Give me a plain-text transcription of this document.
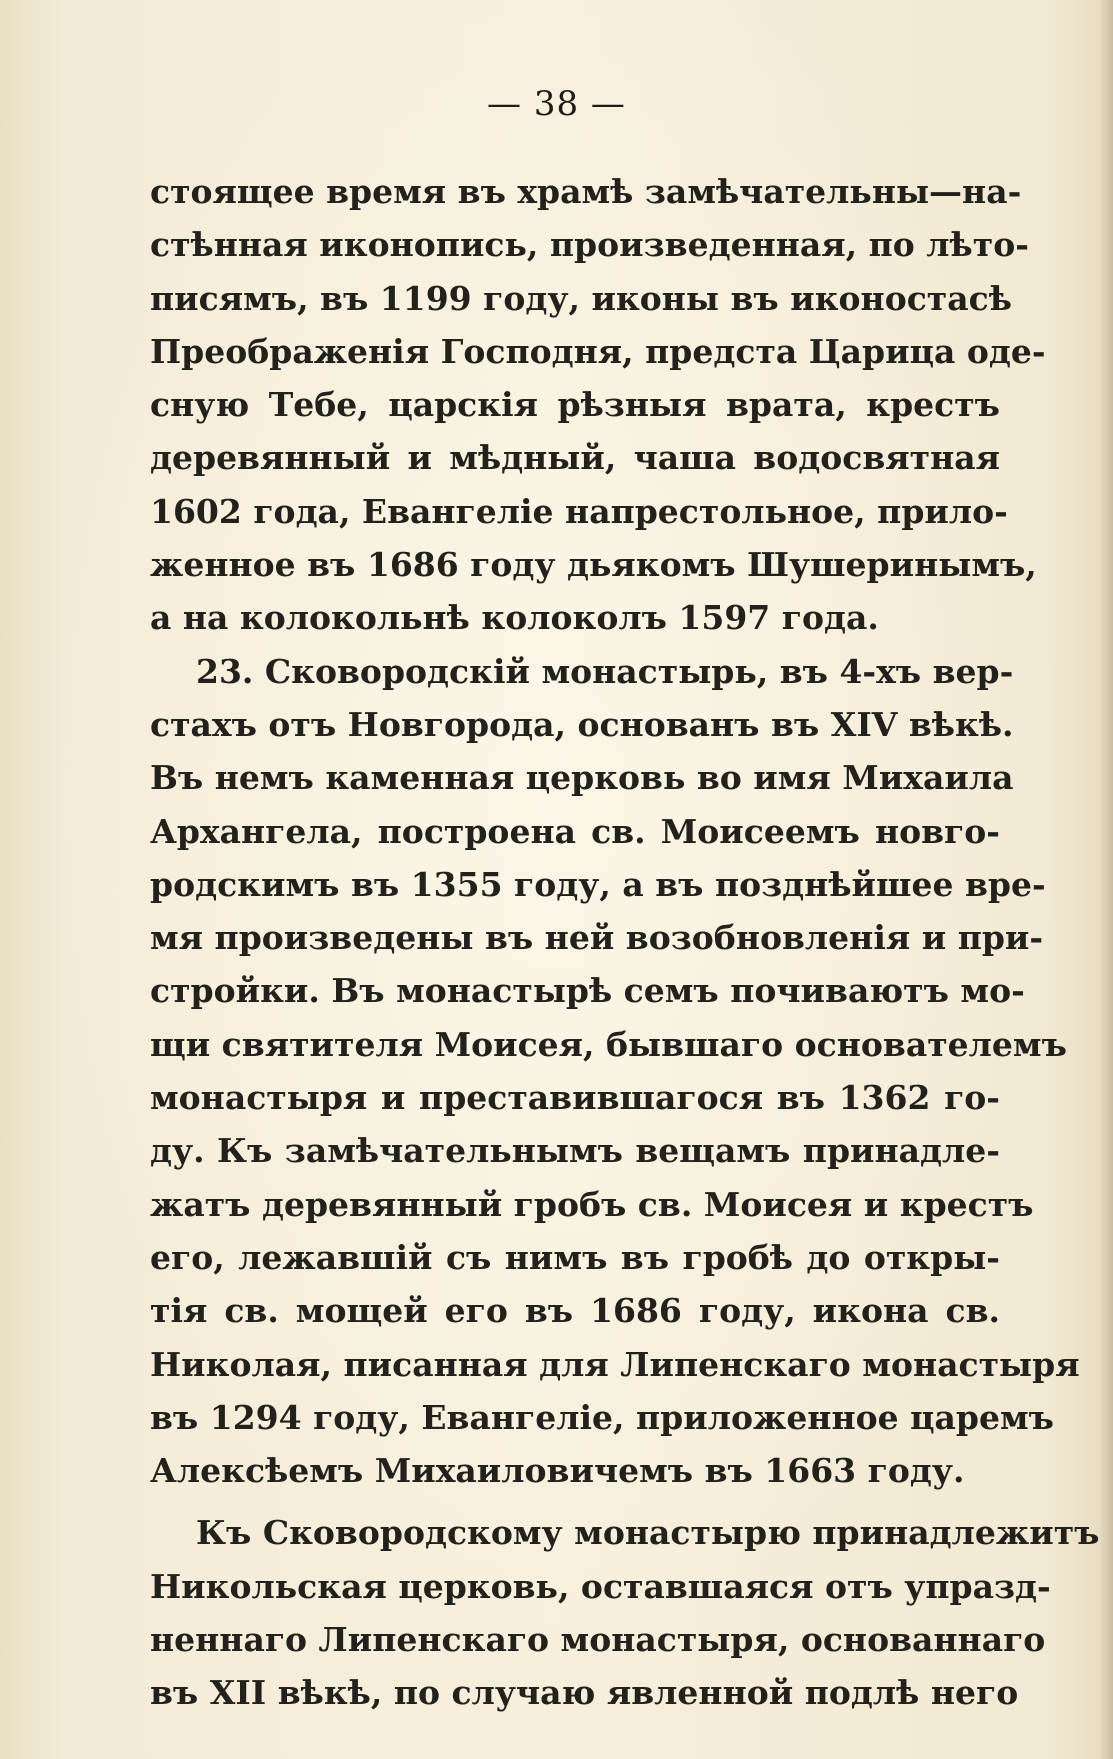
— 38 —
стоящее время въ храмѣ замѣчательны—на-
стѣнная иконопись, произведенная, по лѣто-
писямъ, въ 1199 году, иконы въ иконостасѣ
Преображенія Господня, предста Царица оде-
сную Тебе, царскія рѣзныя врата, крестъ
деревянный и мѣдный, чаша водосвятная
1602 года, Евангеліе напрестольное, прило-
женное въ 1686 году дьякомъ Шушеринымъ,
а на колокольнѣ колоколъ 1597 года.
23. Сковородскій монастырь, въ 4-хъ вер-
стахъ отъ Новгорода, основанъ въ XIV вѣкѣ.
Въ немъ каменная церковь во имя Михаила
Архангела, построена св. Моисеемъ новго-
родскимъ въ 1355 году, а въ позднѣйшее вре-
мя произведены въ ней возобновленія и при-
стройки. Въ монастырѣ семъ почиваютъ мо-
щи святителя Моисея, бывшаго основателемъ
монастыря и преставившагося въ 1362 го-
ду. Къ замѣчательнымъ вещамъ принадле-
жатъ деревянный гробъ св. Моисея и крестъ
его, лежавшій съ нимъ въ гробѣ до откры-
тія св. мощей его въ 1686 году, икона св.
Николая, писанная для Липенскаго монастыря
въ 1294 году, Евангеліе, приложенное царемъ
Алексѣемъ Михаиловичемъ въ 1663 году.
Къ Сковородскому монастырю принадлежитъ
Никольская церковь, оставшаяся отъ упразд-
неннаго Липенскаго монастыря, основаннаго
въ XII вѣкѣ, по случаю явленной подлѣ него
